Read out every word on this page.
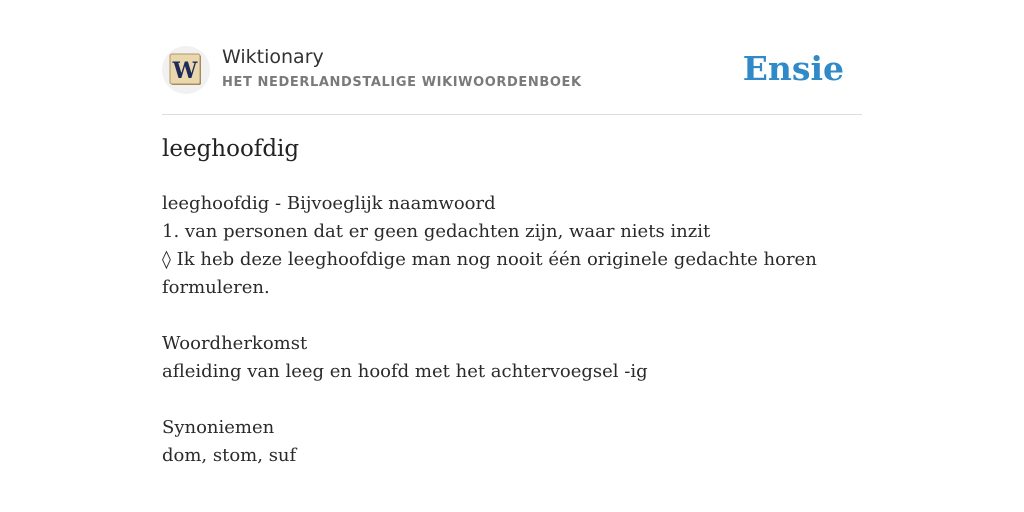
W
Wiktionary
HET NEDERLANDSTALIGE WIKIWOORDENBOEK	Ensie
leeghoofdig
leeghoofdig - Bijvoeglijk naamwoord
1. van personen dat er geen gedachten zijn, waar niets inzit
◊ Ik heb deze leeghoofdige man nog nooit één originele gedachte horen formuleren.
Woordherkomst
afleiding van leeg en hoofd met het achtervoegsel -ig
Synoniemen
dom, stom, suf
